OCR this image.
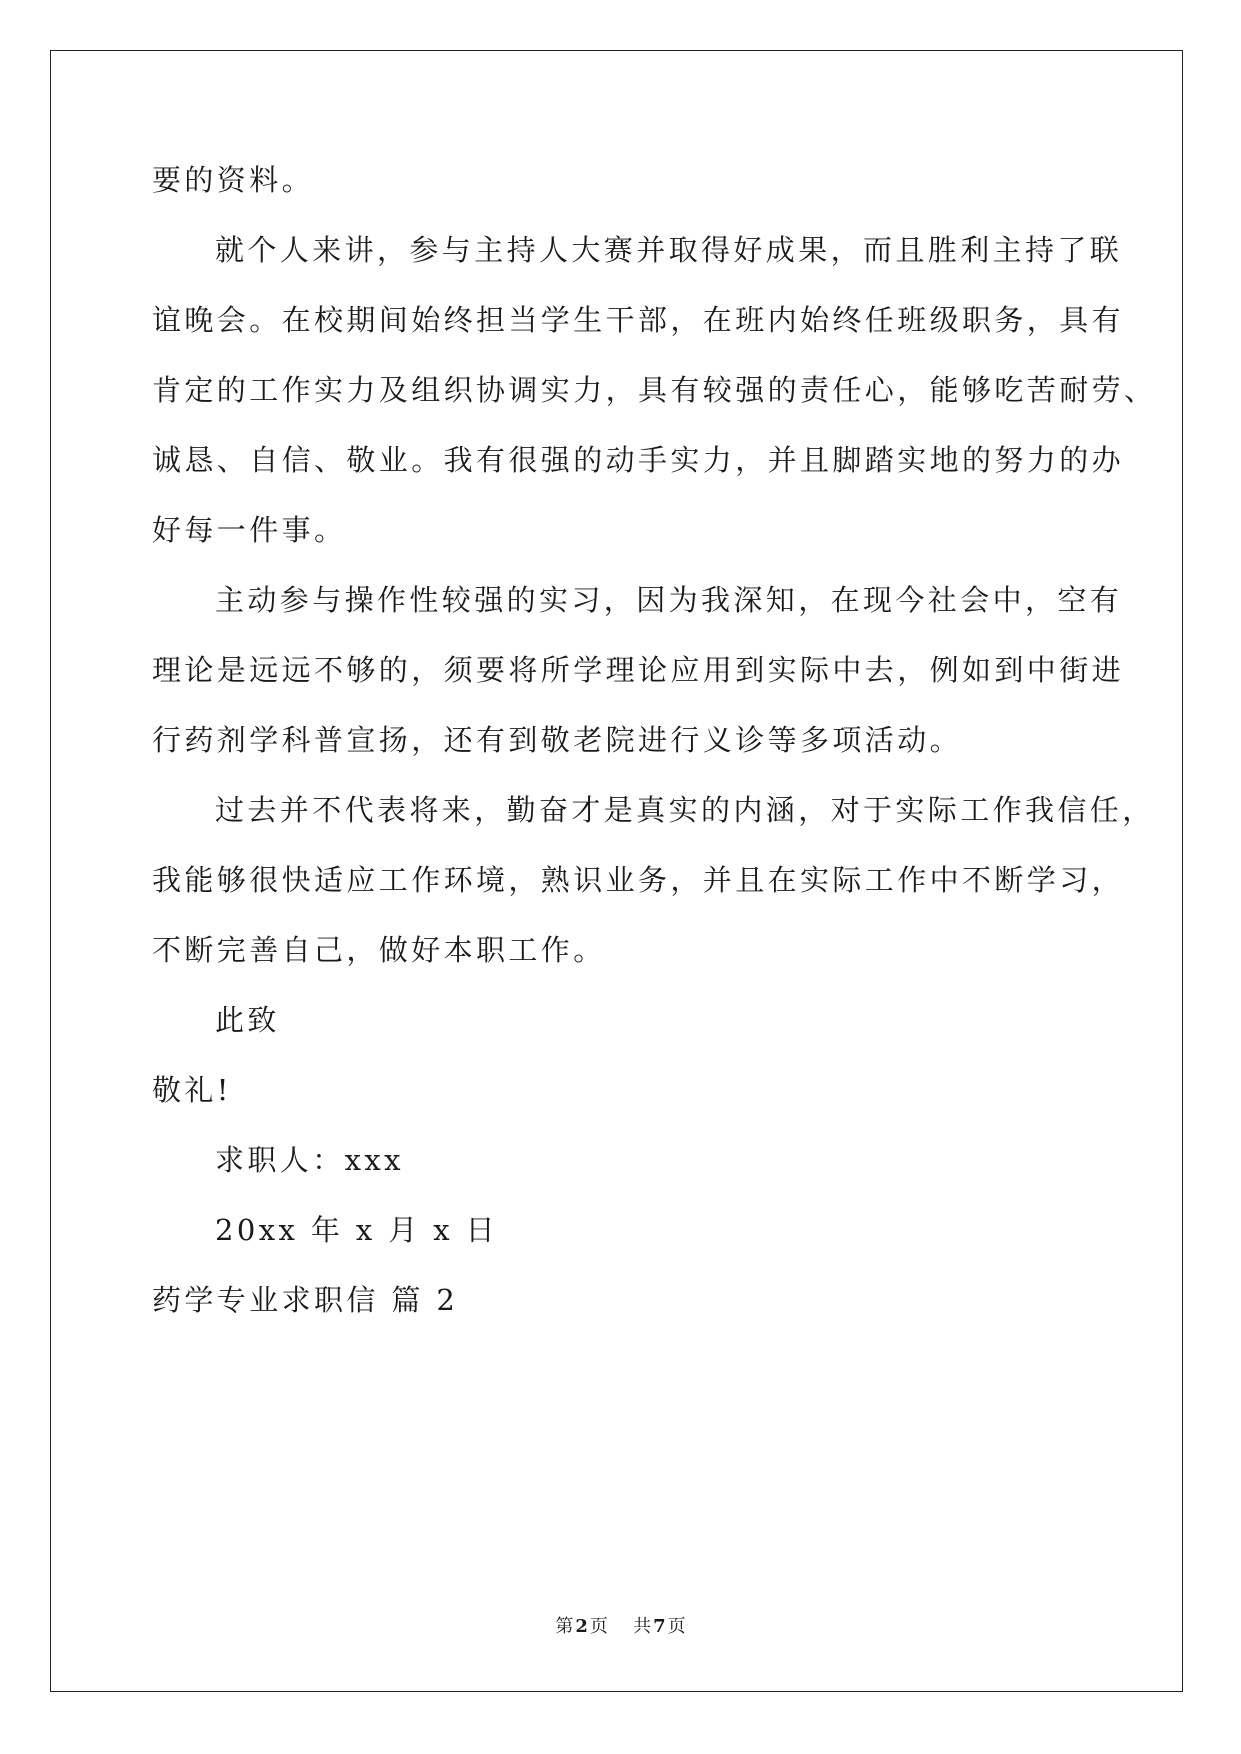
要的资料。
就个人来讲，参与主持人大赛并取得好成果，而且胜利主持了联
谊晚会。在校期间始终担当学生干部，在班内始终任班级职务，具有
肯定的工作实力及组织协调实力，具有较强的责任心，能够吃苦耐劳、
诚恳、自信、敬业。我有很强的动手实力，并且脚踏实地的努力的办
好每一件事。
主动参与操作性较强的实习，因为我深知，在现今社会中，空有
理论是远远不够的，须要将所学理论应用到实际中去，例如到中街进
行药剂学科普宣扬，还有到敬老院进行义诊等多项活动。
过去并不代表将来，勤奋才是真实的内涵，对于实际工作我信任，
我能够很快适应工作环境，熟识业务，并且在实际工作中不断学习，
不断完善自己，做好本职工作。
此致
敬礼!
求职人：xxx
20xx 年 x 月 x 日
药学专业求职信 篇 2
第 2 页 共 7 页
